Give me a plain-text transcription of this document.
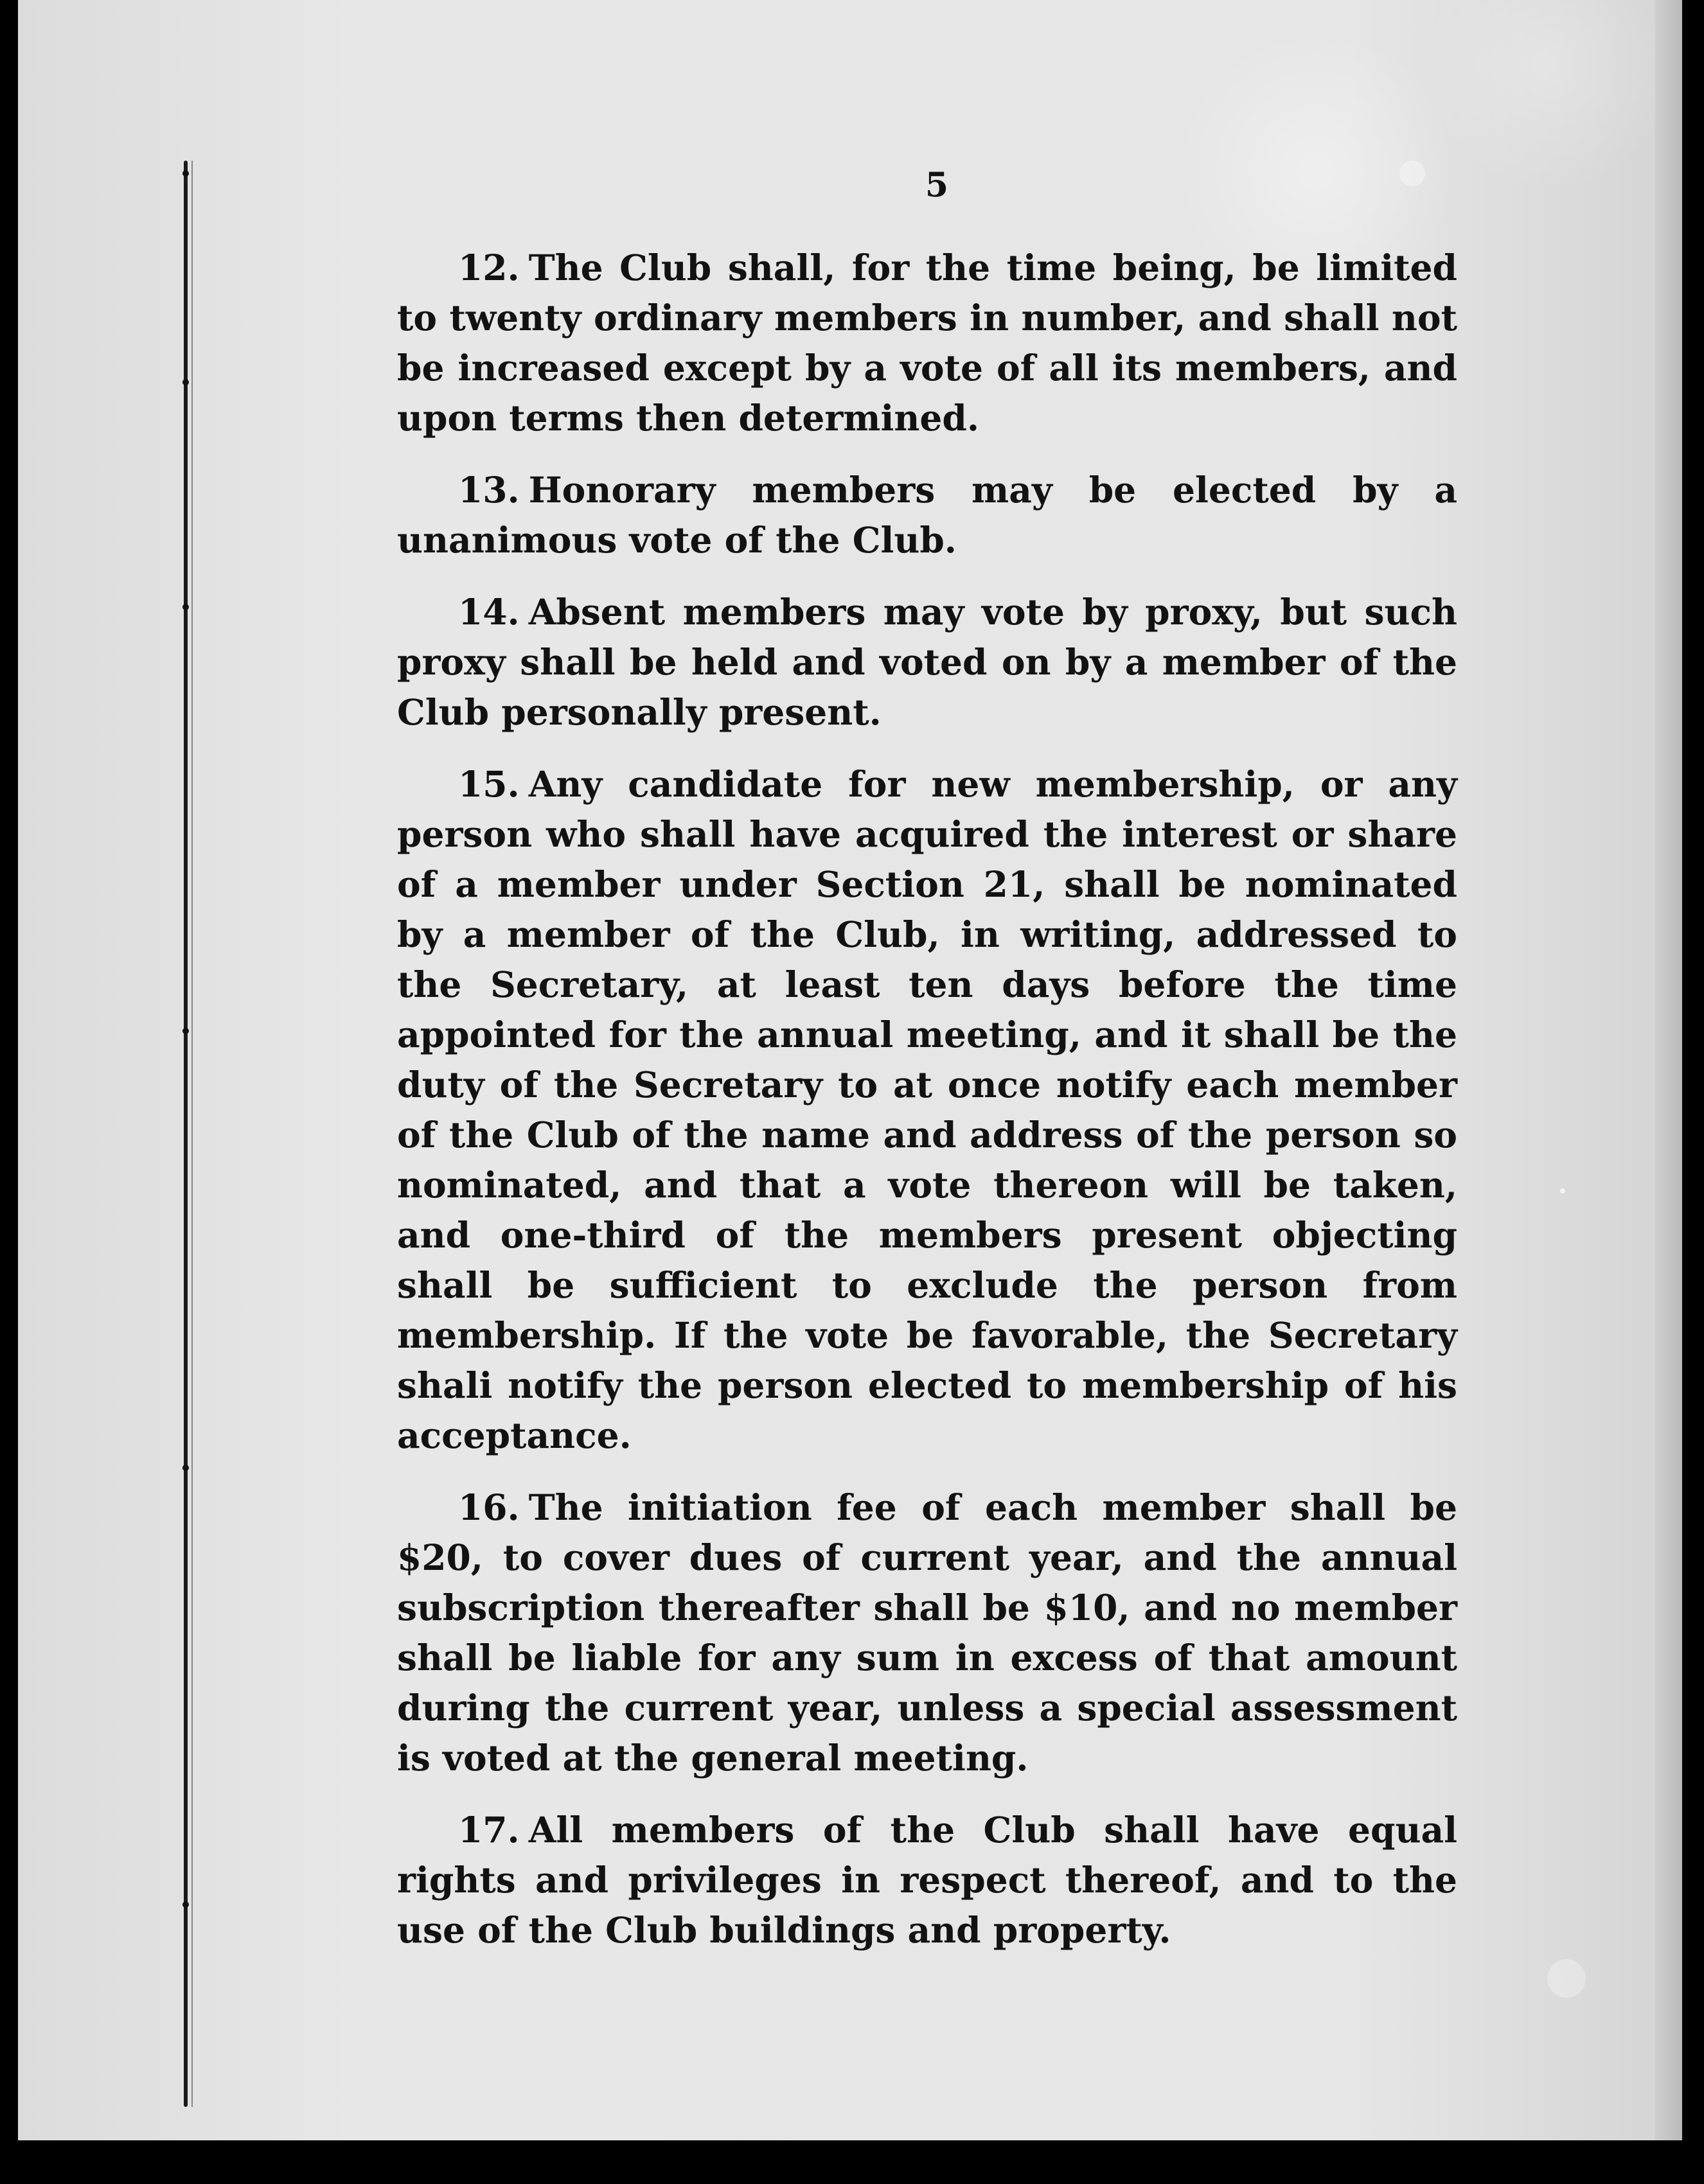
5

12. The Club shall, for the time being, be limited to twenty ordinary members in number, and shall not be increased except by a vote of all its members, and upon terms then determined.

13. Honorary members may be elected by a unanimous vote of the Club.

14. Absent members may vote by proxy, but such proxy shall be held and voted on by a member of the Club personally present.

15. Any candidate for new membership, or any person who shall have acquired the interest or share of a member under Section 21, shall be nominated by a member of the Club, in writing, addressed to the Secretary, at least ten days before the time appointed for the annual meeting, and it shall be the duty of the Secretary to at once notify each member of the Club of the name and address of the person so nominated, and that a vote thereon will be taken, and one-third of the members present objecting shall be sufficient to exclude the person from membership. If the vote be favorable, the Secretary shali notify the person elected to membership of his acceptance.

16. The initiation fee of each member shall be $20, to cover dues of current year, and the annual subscription thereafter shall be $10, and no member shall be liable for any sum in excess of that amount during the current year, unless a special assessment is voted at the general meeting.

17. All members of the Club shall have equal rights and privileges in respect thereof, and to the use of the Club buildings and property.
